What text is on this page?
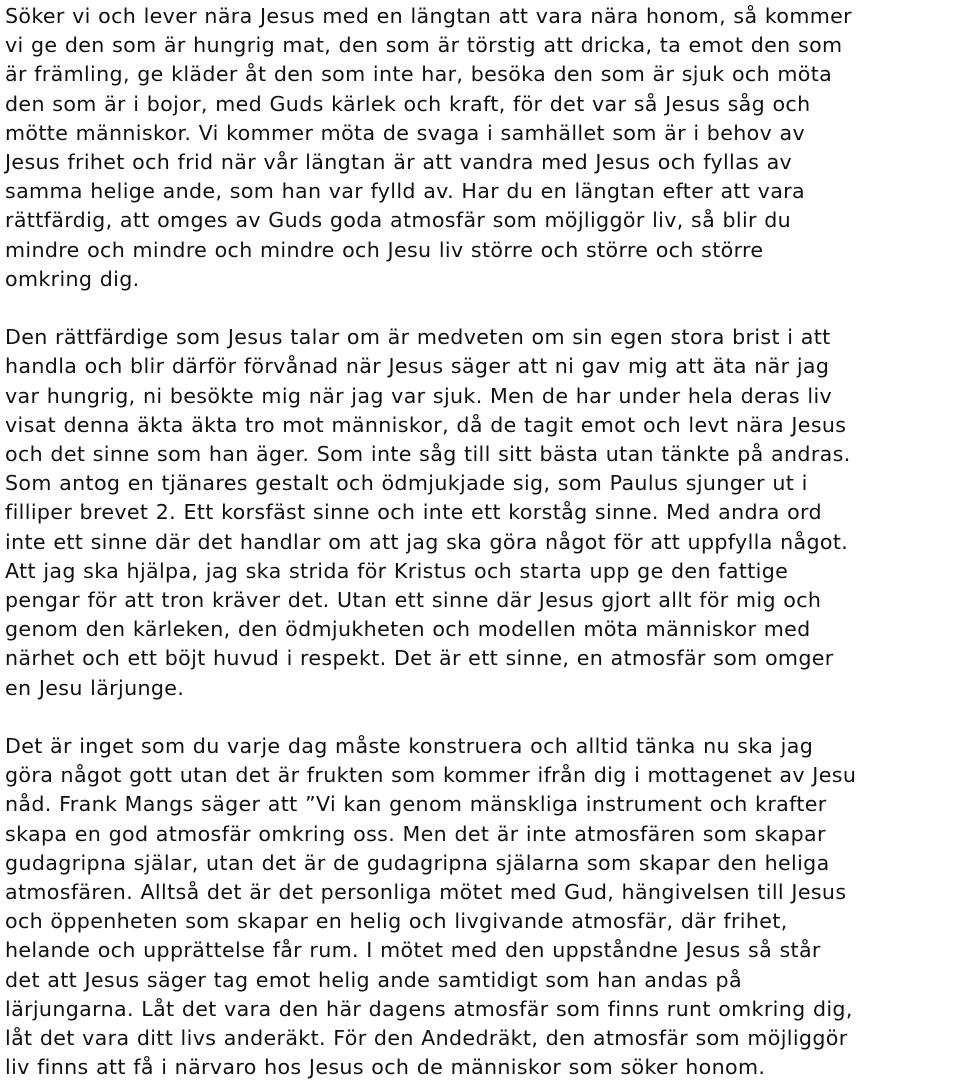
Söker vi och lever nära Jesus med en längtan att vara nära honom, så kommer
vi ge den som är hungrig mat, den som är törstig att dricka, ta emot den som
är främling, ge kläder åt den som inte har, besöka den som är sjuk och möta
den som är i bojor, med Guds kärlek och kraft, för det var så Jesus såg och
mötte människor. Vi kommer möta de svaga i samhället som är i behov av
Jesus frihet och frid när vår längtan är att vandra med Jesus och fyllas av
samma helige ande, som han var fylld av. Har du en längtan efter att vara
rättfärdig, att omges av Guds goda atmosfär som möjliggör liv, så blir du
mindre och mindre och mindre och Jesu liv större och större och större
omkring dig.

Den rättfärdige som Jesus talar om är medveten om sin egen stora brist i att
handla och blir därför förvånad när Jesus säger att ni gav mig att äta när jag
var hungrig, ni besökte mig när jag var sjuk. Men de har under hela deras liv
visat denna äkta äkta tro mot människor, då de tagit emot och levt nära Jesus
och det sinne som han äger. Som inte såg till sitt bästa utan tänkte på andras.
Som antog en tjänares gestalt och ödmjukjade sig, som Paulus sjunger ut i
filliper brevet 2. Ett korsfäst sinne och inte ett korståg sinne. Med andra ord
inte ett sinne där det handlar om att jag ska göra något för att uppfylla något.
Att jag ska hjälpa, jag ska strida för Kristus och starta upp ge den fattige
pengar för att tron kräver det. Utan ett sinne där Jesus gjort allt för mig och
genom den kärleken, den ödmjukheten och modellen möta människor med
närhet och ett böjt huvud i respekt. Det är ett sinne, en atmosfär som omger
en Jesu lärjunge.

Det är inget som du varje dag måste konstruera och alltid tänka nu ska jag
göra något gott utan det är frukten som kommer ifrån dig i mottagenet av Jesu
nåd. Frank Mangs säger att ”Vi kan genom mänskliga instrument och krafter
skapa en god atmosfär omkring oss. Men det är inte atmosfären som skapar
gudagripna själar, utan det är de gudagripna själarna som skapar den heliga
atmosfären. Alltså det är det personliga mötet med Gud, hängivelsen till Jesus
och öppenheten som skapar en helig och livgivande atmosfär, där frihet,
helande och upprättelse får rum. I mötet med den uppståndne Jesus så står
det att Jesus säger tag emot helig ande samtidigt som han andas på
lärjungarna. Låt det vara den här dagens atmosfär som finns runt omkring dig,
låt det vara ditt livs anderäkt. För den Andedräkt, den atmosfär som möjliggör
liv finns att få i närvaro hos Jesus och de människor som söker honom.
